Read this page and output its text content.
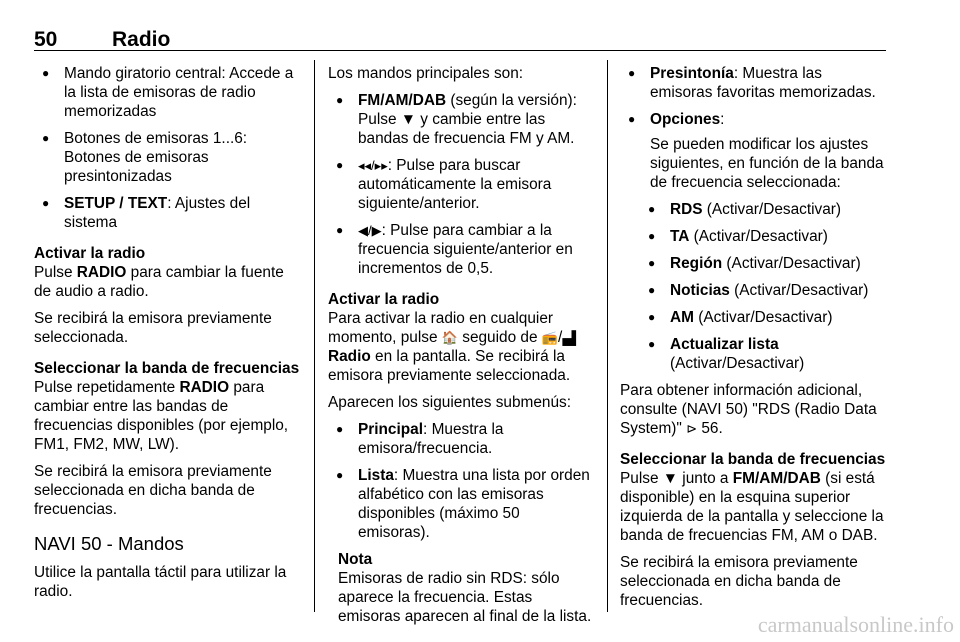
50	Radio
● Mando giratorio central: Accede a la lista de emisoras de radio memorizadas
● Botones de emisoras 1...6: Botones de emisoras presintonizadas
● SETUP / TEXT: Ajustes del sistema
Activar la radio

Pulse RADIO para cambiar la fuente de audio a radio.

Se recibirá la emisora previamente seleccionada.

Seleccionar la banda de frecuencias

Pulse repetidamente RADIO para cambiar entre las bandas de frecuencias disponibles (por ejemplo, FM1, FM2, MW, LW).

Se recibirá la emisora previamente seleccionada en dicha banda de frecuencias.

NAVI 50 - Mandos

Utilice la pantalla táctil para utilizar la radio.

Los mandos principales son:

● FM/AM/DAB (según la versión): Pulse ▼ y cambie entre las bandas de frecuencia FM y AM.
● ◂◂/▸▸: Pulse para buscar automáticamente la emisora siguiente/anterior.
● ◀/▶: Pulse para cambiar a la frecuencia siguiente/anterior en incrementos de 0,5.
Activar la radio

Para activar la radio en cualquier momento, pulse 🏠 seguido de 📻/▄▌Radio en la pantalla. Se recibirá la emisora previamente seleccionada.

Aparecen los siguientes submenús:

● Principal: Muestra la emisora/frecuencia.
● Lista: Muestra una lista por orden alfabético con las emisoras disponibles (máximo 50 emisoras).
Nota

Emisoras de radio sin RDS: sólo aparece la frecuencia. Estas emisoras aparecen al final de la lista.

● Presintonía: Muestra las emisoras favoritas memorizadas.
● Opciones:
Se pueden modificar los ajustes siguientes, en función de la banda de frecuencia seleccionada:
● RDS (Activar/Desactivar)
● TA (Activar/Desactivar)
● Región (Activar/Desactivar)
● Noticias (Activar/Desactivar)
● AM (Activar/Desactivar)
● Actualizar lista (Activar/Desactivar)

Para obtener información adicional, consulte (NAVI 50) "RDS (Radio Data System)" ⊳ 56.

Seleccionar la banda de frecuencias

Pulse ▼ junto a FM/AM/DAB (si está disponible) en la esquina superior izquierda de la pantalla y seleccione la banda de frecuencias FM, AM o DAB.

Se recibirá la emisora previamente seleccionada en dicha banda de frecuencias.

carmanualsonline.info
